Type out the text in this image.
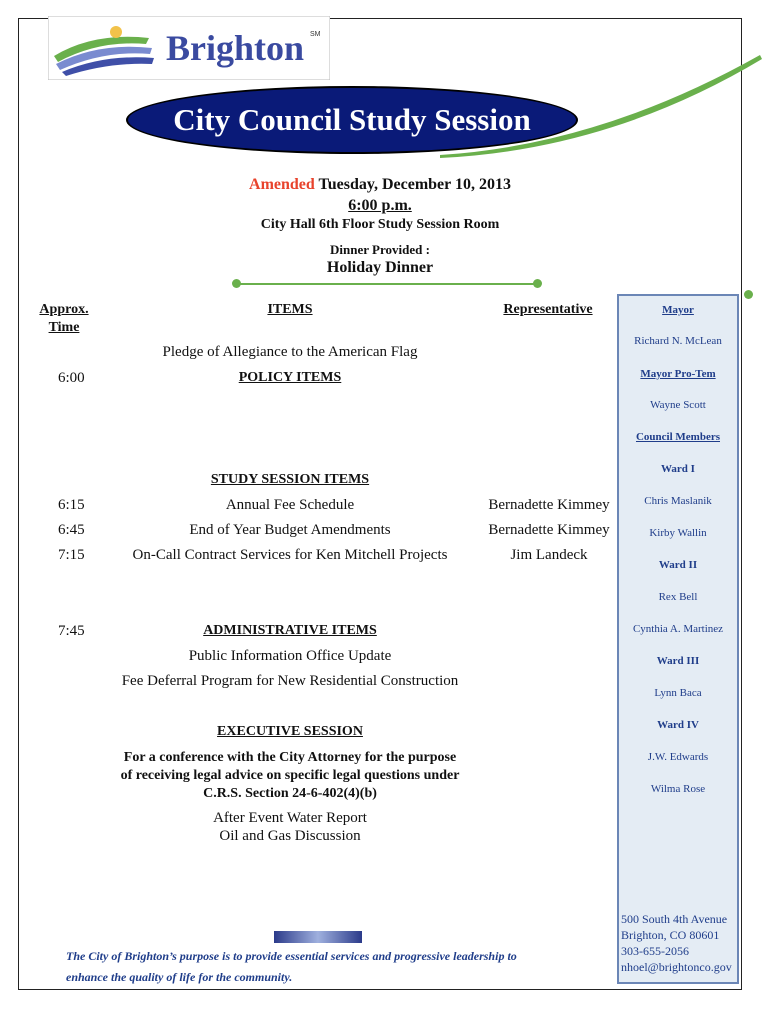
Brighton SM
City Council Study Session
Amended Tuesday, December 10, 2013
6:00 p.m.
City Hall 6th Floor Study Session Room
Dinner Provided :
Holiday Dinner
Approx.
Time
ITEMS	Representative
Pledge of Allegiance to the American Flag
6:00	POLICY ITEMS
STUDY SESSION ITEMS
6:15	Annual Fee Schedule	Bernadette Kimmey
6:45	End of Year Budget Amendments	Bernadette Kimmey
7:15	On-Call Contract Services for Ken Mitchell Projects	Jim Landeck
7:45	ADMINISTRATIVE ITEMS
Public Information Office Update
Fee Deferral Program for New Residential Construction
EXECUTIVE SESSION
For a conference with the City Attorney for the purpose
of receiving legal advice on specific legal questions under
C.R.S. Section 24-6-402(4)(b)
After Event Water Report
Oil and Gas Discussion
Mayor
Richard N. McLean
Mayor Pro-Tem
Wayne Scott
Council Members
Ward I
Chris Maslanik
Kirby Wallin
Ward II
Rex Bell
Cynthia A. Martinez
Ward III
Lynn Baca
Ward IV
J.W. Edwards
Wilma Rose
500 South 4th Avenue
Brighton, CO 80601
303-655-2056
nhoel@brightonco.gov
The City of Brighton’s purpose is to provide essential services and progressive leadership to
enhance the quality of life for the community.
